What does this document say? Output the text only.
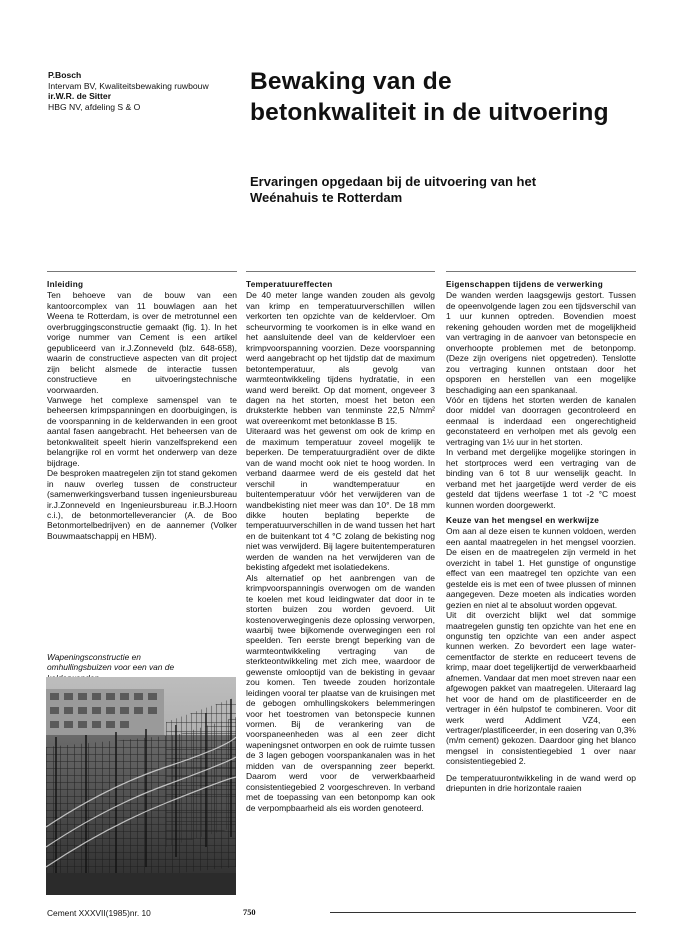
P.Bosch
Intervam BV, Kwaliteitsbewaking ruwbouw
ir.W.R. de Sitter
HBG NV, afdeling S & O
Bewaking van de
betonkwaliteit in de uitvoering
Ervaringen opgedaan bij de uitvoering van het
Weénahuis te Rotterdam
Inleiding

Ten behoeve van de bouw van een kantoorcomplex van 11 bouwlagen aan het Weena te Rotterdam, is over de metrotunnel een overbruggingsconstructie gemaakt (fig. 1). In het vorige nummer van Cement is een artikel gepubliceerd van ir.J.Zonneveld (blz. 648-658), waarin de constructieve aspecten van dit project zijn belicht alsmede de interactie tussen constructieve en uitvoeringstechnische voorwaarden.

Vanwege het complexe samenspel van te beheersen krimpspanningen en doorbuigingen, is de voorspanning in de kelderwanden in een groot aantal fasen aangebracht. Het beheersen van de betonkwaliteit speelt hierin vanzelfsprekend een belangrijke rol en vormt het onderwerp van deze bijdrage.

De besproken maatregelen zijn tot stand gekomen in nauw overleg tussen de constructeur (samenwerkingsverband tussen ingenieursbureau ir.J.Zonneveld en Ingenieursbureau ir.B.J.Hoorn c.i.), de betonmortelleverancier (A. de Boo Betonmortelbedrijven) en de aannemer (Volker Bouwmaatschappij en HBM).

Wapeningsconstructie en
omhullingsbuizen voor een van de
Temperatuureffecten

De 40 meter lange wanden zouden als gevolg van krimp en temperatuurverschillen willen verkorten ten opzichte van de keldervloer. Om scheurvorming te voorkomen is in elke wand en het aansluitende deel van de keldervloer een krimpvoorspanning voorzien. Deze voorspanning werd aangebracht op het tijdstip dat de maximum betontemperatuur, als gevolg van warmteontwikkeling tijdens hydratatie, in een wand werd bereikt. Op dat moment, ongeveer 3 dagen na het storten, moest het beton een druksterkte hebben van tenminste 22,5 N/mm² wat overeenkomt met betonklasse B 15.

Uiteraard was het gewenst om ook de krimp en de maximum temperatuur zoveel mogelijk te beperken. De temperatuurgradiënt over de dikte van de wand mocht ook niet te hoog worden. In verband daarmee werd de eis gesteld dat het verschil in wandtemperatuur en buitentemperatuur vóór het verwijderen van de wandbekisting niet meer was dan 10°. De 18 mm dikke houten beplating beperkte de temperatuurverschillen in de wand tussen het hart en de buitenkant tot 4 °C zolang de bekisting nog niet was verwijderd. Bij lagere buitentemperaturen werden de wanden na het verwijderen van de bekisting afgedekt met isolatiedekens.

Als alternatief op het aanbrengen van de krimpvoorspanningis overwogen om de wanden te koelen met koud leidingwater dat door in te storten buizen zou worden gevoerd. Uit kostenoverwegingenis deze oplossing verworpen, waarbij twee bijkomende overwegingen een rol speelden. Ten eerste brengt beperking van de warmteontwikkeling vertraging van de sterkteontwikkeling met zich mee, waardoor de gewenste omlooptijd van de bekisting in gevaar zou komen. Ten tweede zouden horizontale leidingen vooral ter plaatse van de kruisingen met de gebogen omhullingskokers belemmeringen voor het toestromen van betonspecie kunnen vormen. Bij de verankering van de voorspaneenheden was al een zeer dicht wapeningsnet ontworpen en ook de ruimte tussen de 3 lagen gebogen voorspankanalen was in het midden van de overspanning zeer beperkt. Daarom werd voor de verwerkbaarheid consistentiegebied 2 voorgeschreven. In verband met de toepassing van een betonpomp kan ook de verpompbaarheid als eis worden genoteerd.

Eigenschappen tijdens de verwerking

De wanden werden laagsgewijs gestort. Tussen de opeenvolgende lagen zou een tijdsverschil van 1 uur kunnen optreden. Bovendien moest rekening gehouden worden met de mogelijkheid van vertraging in de aanvoer van betonspecie en onverhoopte problemen met de betonpomp. (Deze zijn overigens niet opgetreden). Tenslotte zou vertraging kunnen ontstaan door het opsporen en herstellen van een mogelijke beschadiging aan een spankanaal.

Vóór en tijdens het storten werden de kanalen door middel van doorragen gecontroleerd en eenmaal is inderdaad een ongerechtigheid geconstateerd en verholpen met als gevolg een vertraging van 1½ uur in het storten.

In verband met dergelijke mogelijke storingen in het stortproces werd een vertraging van de binding van 6 tot 8 uur wenselijk geacht. In verband met het jaargetijde werd verder de eis gesteld dat tijdens weerfase 1 tot -2 °C moest kunnen worden doorgewerkt.

Keuze van het mengsel en werkwijze

Om aan al deze eisen te kunnen voldoen, werden een aantal maatregelen in het mengsel voorzien. De eisen en de maatregelen zijn vermeld in het overzicht in tabel 1. Het gunstige of ongunstige effect van een maatregel ten opzichte van een gestelde eis is met een of twee plussen of minnen aangegeven. Deze moeten als indicaties worden gezien en niet al te absoluut worden opgevat.

Uit dit overzicht blijkt wel dat sommige maatregelen gunstig ten opzichte van het ene en ongunstig ten opzichte van een ander aspect kunnen werken. Zo bevordert een lage water-cementfactor de sterkte en reduceert tevens de krimp, maar doet tegelijkertijd de verwerkbaarheid afnemen. Vandaar dat men moet streven naar een afgewogen pakket van maatregelen. Uiteraard lag het voor de hand om de plastificeerder en de vertrager in één hulpstof te combineren. Voor dit werk werd Addiment VZ4, een vertrager/plastificeerder, in een dosering van 0,3% (m/m cement) gekozen. Daardoor ging het blanco mengsel in consistentiegebied 1 over naar consistentiegebied 2.

De temperatuurontwikkeling in de wand werd op driepunten in drie horizontale raaien

Cement XXXVII(1985)nr. 10	750
